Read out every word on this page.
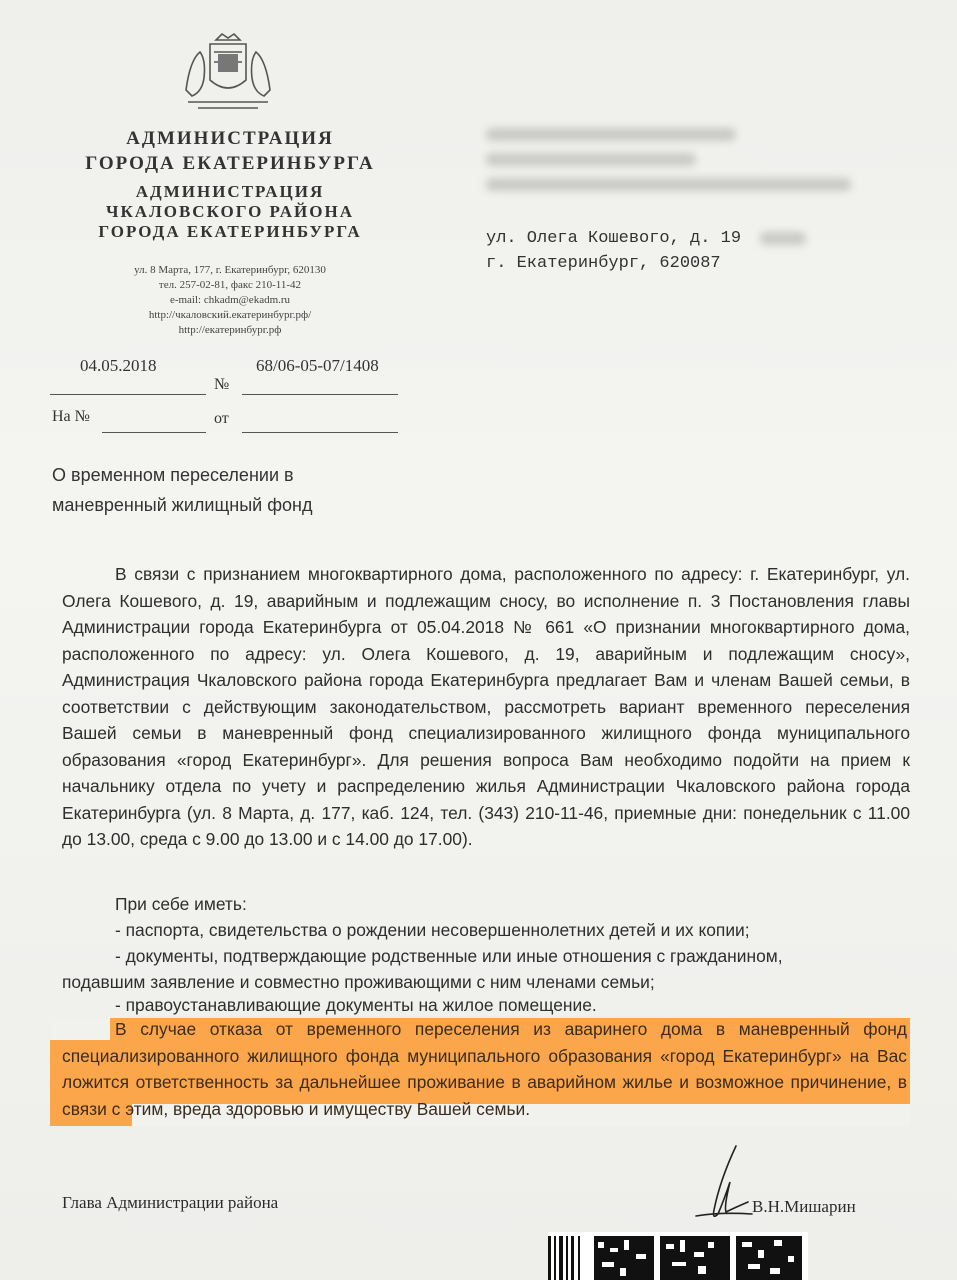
АДМИНИСТРАЦИЯ
ГОРОДА ЕКАТЕРИНБУРГА
АДМИНИСТРАЦИЯ
ЧКАЛОВСКОГО РАЙОНА
ГОРОДА ЕКАТЕРИНБУРГА
ул. 8 Марта, 177, г. Екатеринбург, 620130
тел. 257-02-81, факс 210-11-42
e-mail: chkadm@ekadm.ru
http://чкаловский.екатеринбург.рф/
http://екатеринбург.рф
ул. Олега Кошевого, д. 19
г. Екатеринбург, 620087
04.05.2018
№
68/06-05-07/1408
На №	от
О временном переселении в
маневренный жилищный фонд
В связи с признанием многоквартирного дома, расположенного по адресу: г. Екатеринбург, ул. Олега Кошевого, д. 19, аварийным и подлежащим сносу, во исполнение п. 3 Постановления главы Администрации города Екатеринбурга от 05.04.2018 № 661 «О признании многоквартирного дома, расположенного по адресу: ул. Олега Кошевого, д. 19, аварийным и подлежащим сносу», Администрация Чкаловского района города Екатеринбурга предлагает Вам и членам Вашей семьи, в соответствии с действующим законодательством, рассмотреть вариант временного переселения Вашей семьи в маневренный фонд специализированного жилищного фонда муниципального образования «город Екатеринбург». Для решения вопроса Вам необходимо подойти на прием к начальнику отдела по учету и распределению жилья Администрации Чкаловского района города Екатеринбурга (ул. 8 Марта, д. 177, каб. 124, тел. (343) 210-11-46, приемные дни: понедельник с 11.00 до 13.00, среда с 9.00 до 13.00 и с 14.00 до 17.00).
При себе иметь:
- паспорта, свидетельства о рождении несовершеннолетних детей и их копии;
- документы, подтверждающие родственные или иные отношения с гражданином,
подавшим заявление и совместно проживающими с ним членами семьи;
- правоустанавливающие документы на жилое помещение.
В случае отказа от временного переселения из аваринего дома в маневренный фонд специализированного жилищного фонда муниципального образования «город Екатеринбург» на Вас ложится ответственность за дальнейшее проживание в аварийном жилье и возможное причинение, в связи с этим, вреда здоровью и имуществу Вашей семьи.
Глава Администрации района	В.Н.Мишарин
